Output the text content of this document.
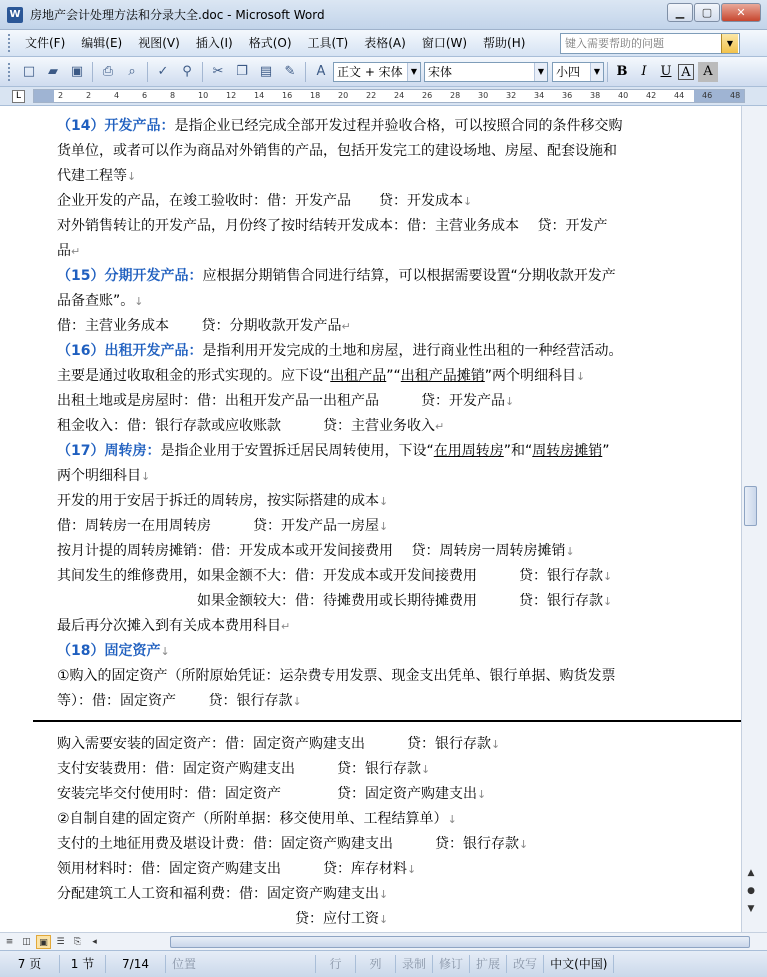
W 房地产会计处理方法和分录大全.doc - Microsoft Word	▁	▢	✕
文件(F)	编辑(E)	视图(V)	插入(I)	格式(O)	工具(T)	表格(A)	窗口(W)	帮助(H)
键入需要帮助的问题	▼
□ ▰ ▣	⎙	⌕	✓	⚲	✂ ❐ ▤ ✎	A 正文 + 宋体	▼ 宋体	▼ 小四	▼	B	I	U A A
L	2	2	4	6	8	10 12 14 16 18 20 22 24 26 28 30 32 34 36 38 40 42 44 46 48
（14）开发产品：是指企业已经完成全部开发过程并验收合格，可以按照合同的条件移交购
货单位，或者可以作为商品对外销售的产品，包括开发完工的建设场地、房屋、配套设施和
代建工程等↓
企业开发的产品，在竣工验收时：借：开发产品　　贷：开发成本↓
对外销售转让的开发产品，月份终了按时结转开发成本：借：主营业务成本　 贷：开发产
品↵
（15）分期开发产品：应根据分期销售合同进行结算，可以根据需要设置“分期收款开发产
品备查账”。↓
借：主营业务成本　　 贷：分期收款开发产品↵
（16）出租开发产品：是指利用开发完成的土地和房屋，进行商业性出租的一种经营活动。
主要是通过收取租金的形式实现的。应下设“出租产品”“出租产品摊销”两个明细科目↓
出租土地或是房屋时：借：出租开发产品一出租产品　　　贷：开发产品↓
租金收入：借：银行存款或应收账款　　　贷：主营业务收入↵
（17）周转房：是指企业用于安置拆迁居民周转使用，下设“在用周转房”和“周转房摊销”
两个明细科目↓
开发的用于安居于拆迁的周转房，按实际搭建的成本↓
借：周转房一在用周转房　　　贷：开发产品一房屋↓
按月计提的周转房摊销：借：开发成本或开发间接费用　 贷：周转房一周转房摊销↓
其间发生的维修费用，如果金额不大：借：开发成本或开发间接费用　　　贷：银行存款↓
　　　　　　　　　　如果金额较大：借：待摊费用或长期待摊费用　　　贷：银行存款↓
最后再分次摊入到有关成本费用科目↵
（18）固定资产↓
①购入的固定资产（所附原始凭证：运杂费专用发票、现金支出凭单、银行单据、购货发票
等）：借：固定资产　　 贷：银行存款↓
购入需要安装的固定资产：借：固定资产购建支出　　　贷：银行存款↓
支付安装费用：借：固定资产购建支出　　　贷：银行存款↓
安装完毕交付使用时：借：固定资产　　　　贷：固定资产购建支出↓
②自制自建的固定资产（所附单据：移交使用单、工程结算单）↓
支付的土地征用费及堪设计费：借：固定资产购建支出　　　贷：银行存款↓
领用材料时：借：固定资产购建支出　　　贷：库存材料↓
分配建筑工人工资和福利费：借：固定资产购建支出↓
　　　　　　　　　　　　　　　　　贷：应付工资↓
▲
●
▼
≡ ◫ ▣ ☰	⎘	◂
7 页	1 节	7/14	位置	行	列	录制	修订	扩展	改写	中文(中国)
